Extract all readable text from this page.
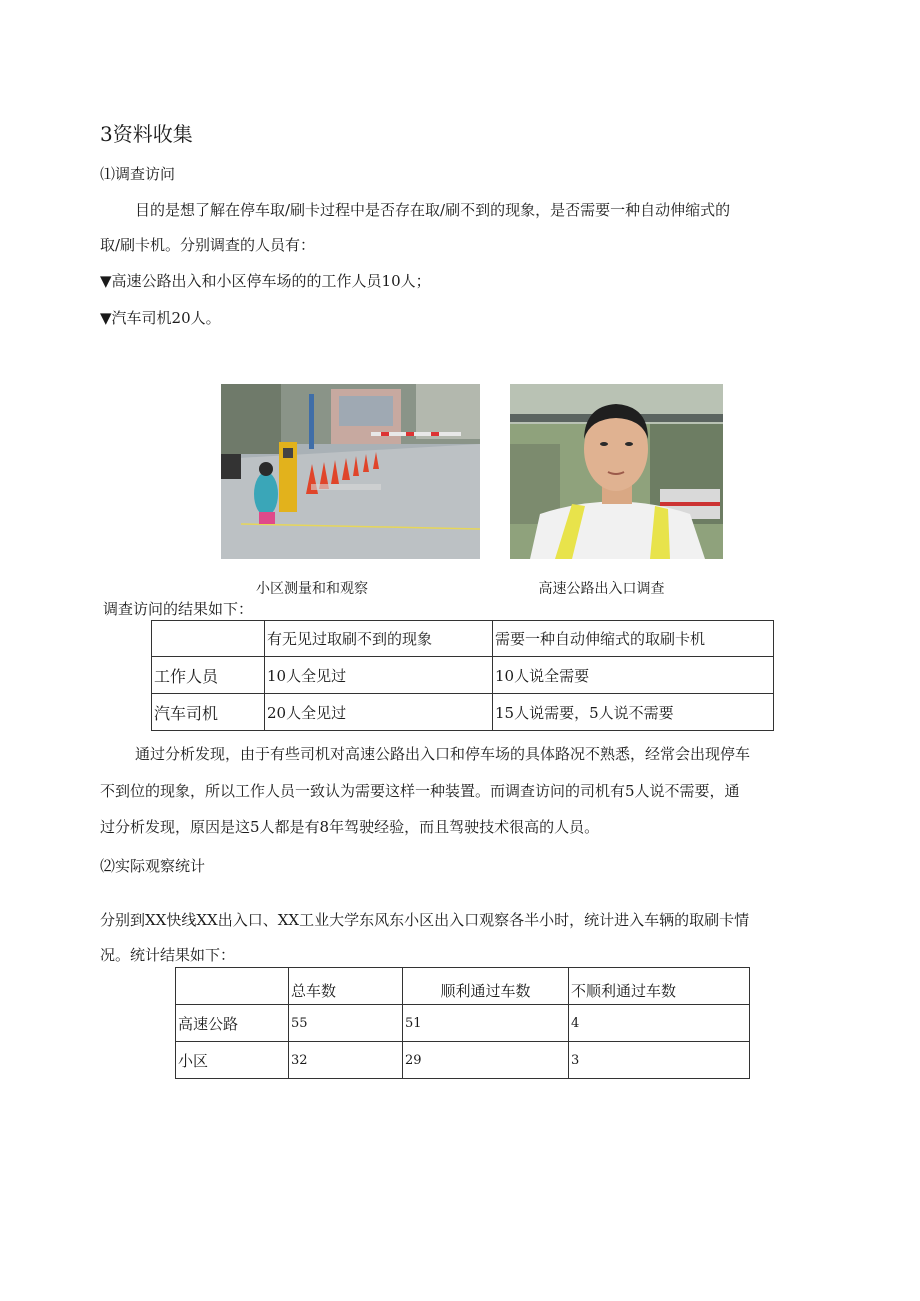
3资料收集
⑴调查访问
目的是想了解在停车取/刷卡过程中是否存在取/刷不到的现象，是否需要一种自动伸缩式的
取/刷卡机。分别调查的人员有：
▼高速公路出入和小区停车场的的工作人员10人；
▼汽车司机20人。
小区测量和和观察	高速公路出入口调查
调查访问的结果如下：
	有无见过取刷不到的现象	需要一种自动伸缩式的取刷卡机
工作人员	10人全见过	10人说全需要
汽车司机	20人全见过	15人说需要，5人说不需要
通过分析发现，由于有些司机对高速公路出入口和停车场的具体路况不熟悉，经常会出现停车
不到位的现象，所以工作人员一致认为需要这样一种装置。而调查访问的司机有5人说不需要，通
过分析发现，原因是这5人都是有8年驾驶经验，而且驾驶技术很高的人员。
⑵实际观察统计
分别到XX快线XX出入口、XX工业大学东风东小区出入口观察各半小时，统计进入车辆的取刷卡情
况。统计结果如下：
	总车数	顺利通过车数	不顺利通过车数
高速公路	55	51	4
小区	32	29	3
